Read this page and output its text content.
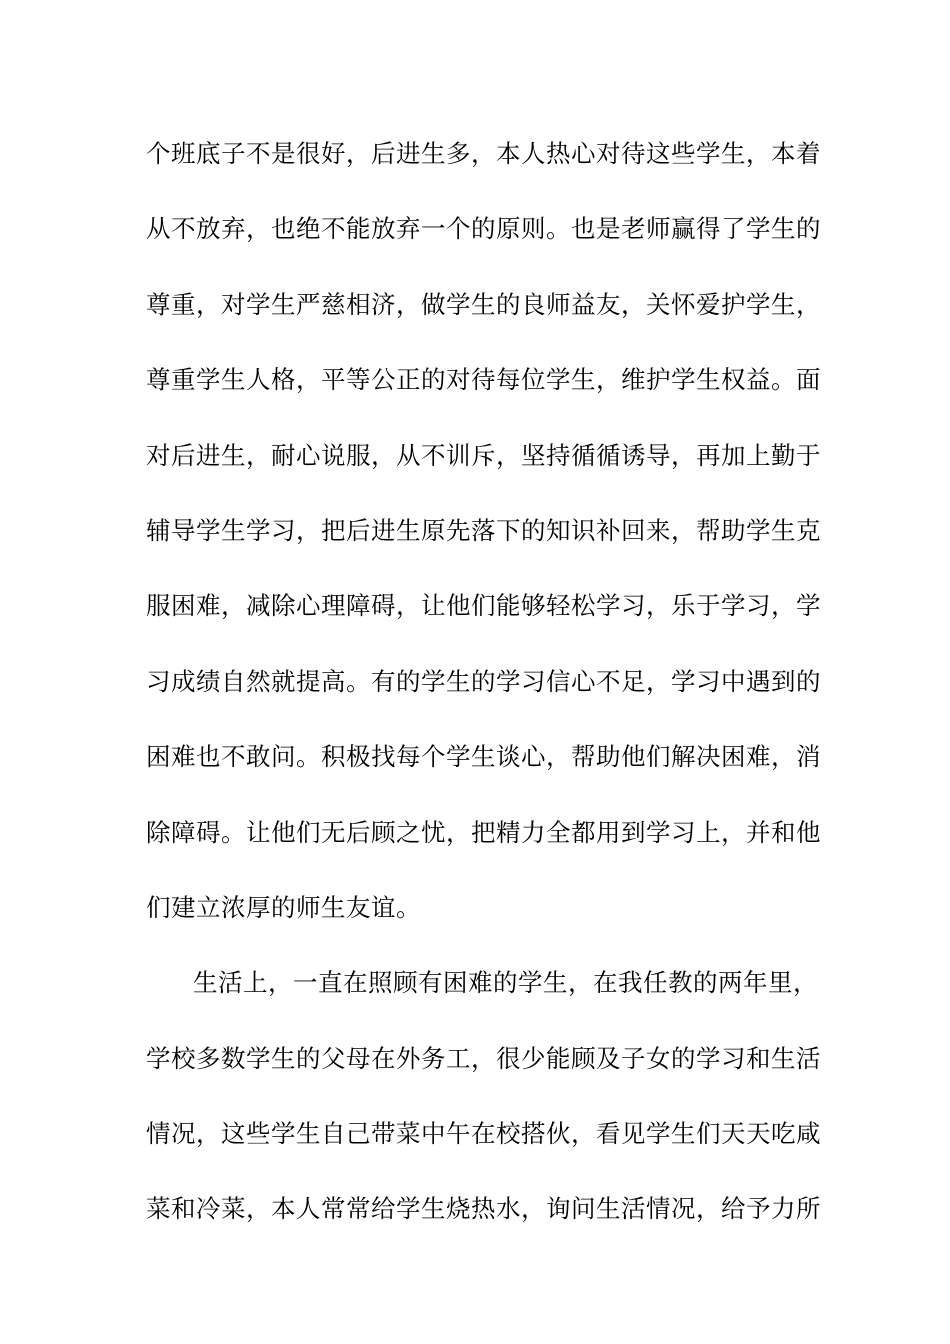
个班底子不是很好，后进生多，本人热心对待这些学生，本着
从不放弃，也绝不能放弃一个的原则。也是老师赢得了学生的
尊重，对学生严慈相济，做学生的良师益友，关怀爱护学生，
尊重学生人格，平等公正的对待每位学生，维护学生权益。面
对后进生，耐心说服，从不训斥，坚持循循诱导，再加上勤于
辅导学生学习，把后进生原先落下的知识补回来，帮助学生克
服困难，减除心理障碍，让他们能够轻松学习，乐于学习，学
习成绩自然就提高。有的学生的学习信心不足，学习中遇到的
困难也不敢问。积极找每个学生谈心，帮助他们解决困难，消
除障碍。让他们无后顾之忧，把精力全都用到学习上，并和他
们建立浓厚的师生友谊。
生活上，一直在照顾有困难的学生，在我任教的两年里，
学校多数学生的父母在外务工，很少能顾及子女的学习和生活
情况，这些学生自己带菜中午在校搭伙，看见学生们天天吃咸
菜和冷菜，本人常常给学生烧热水，询问生活情况，给予力所
